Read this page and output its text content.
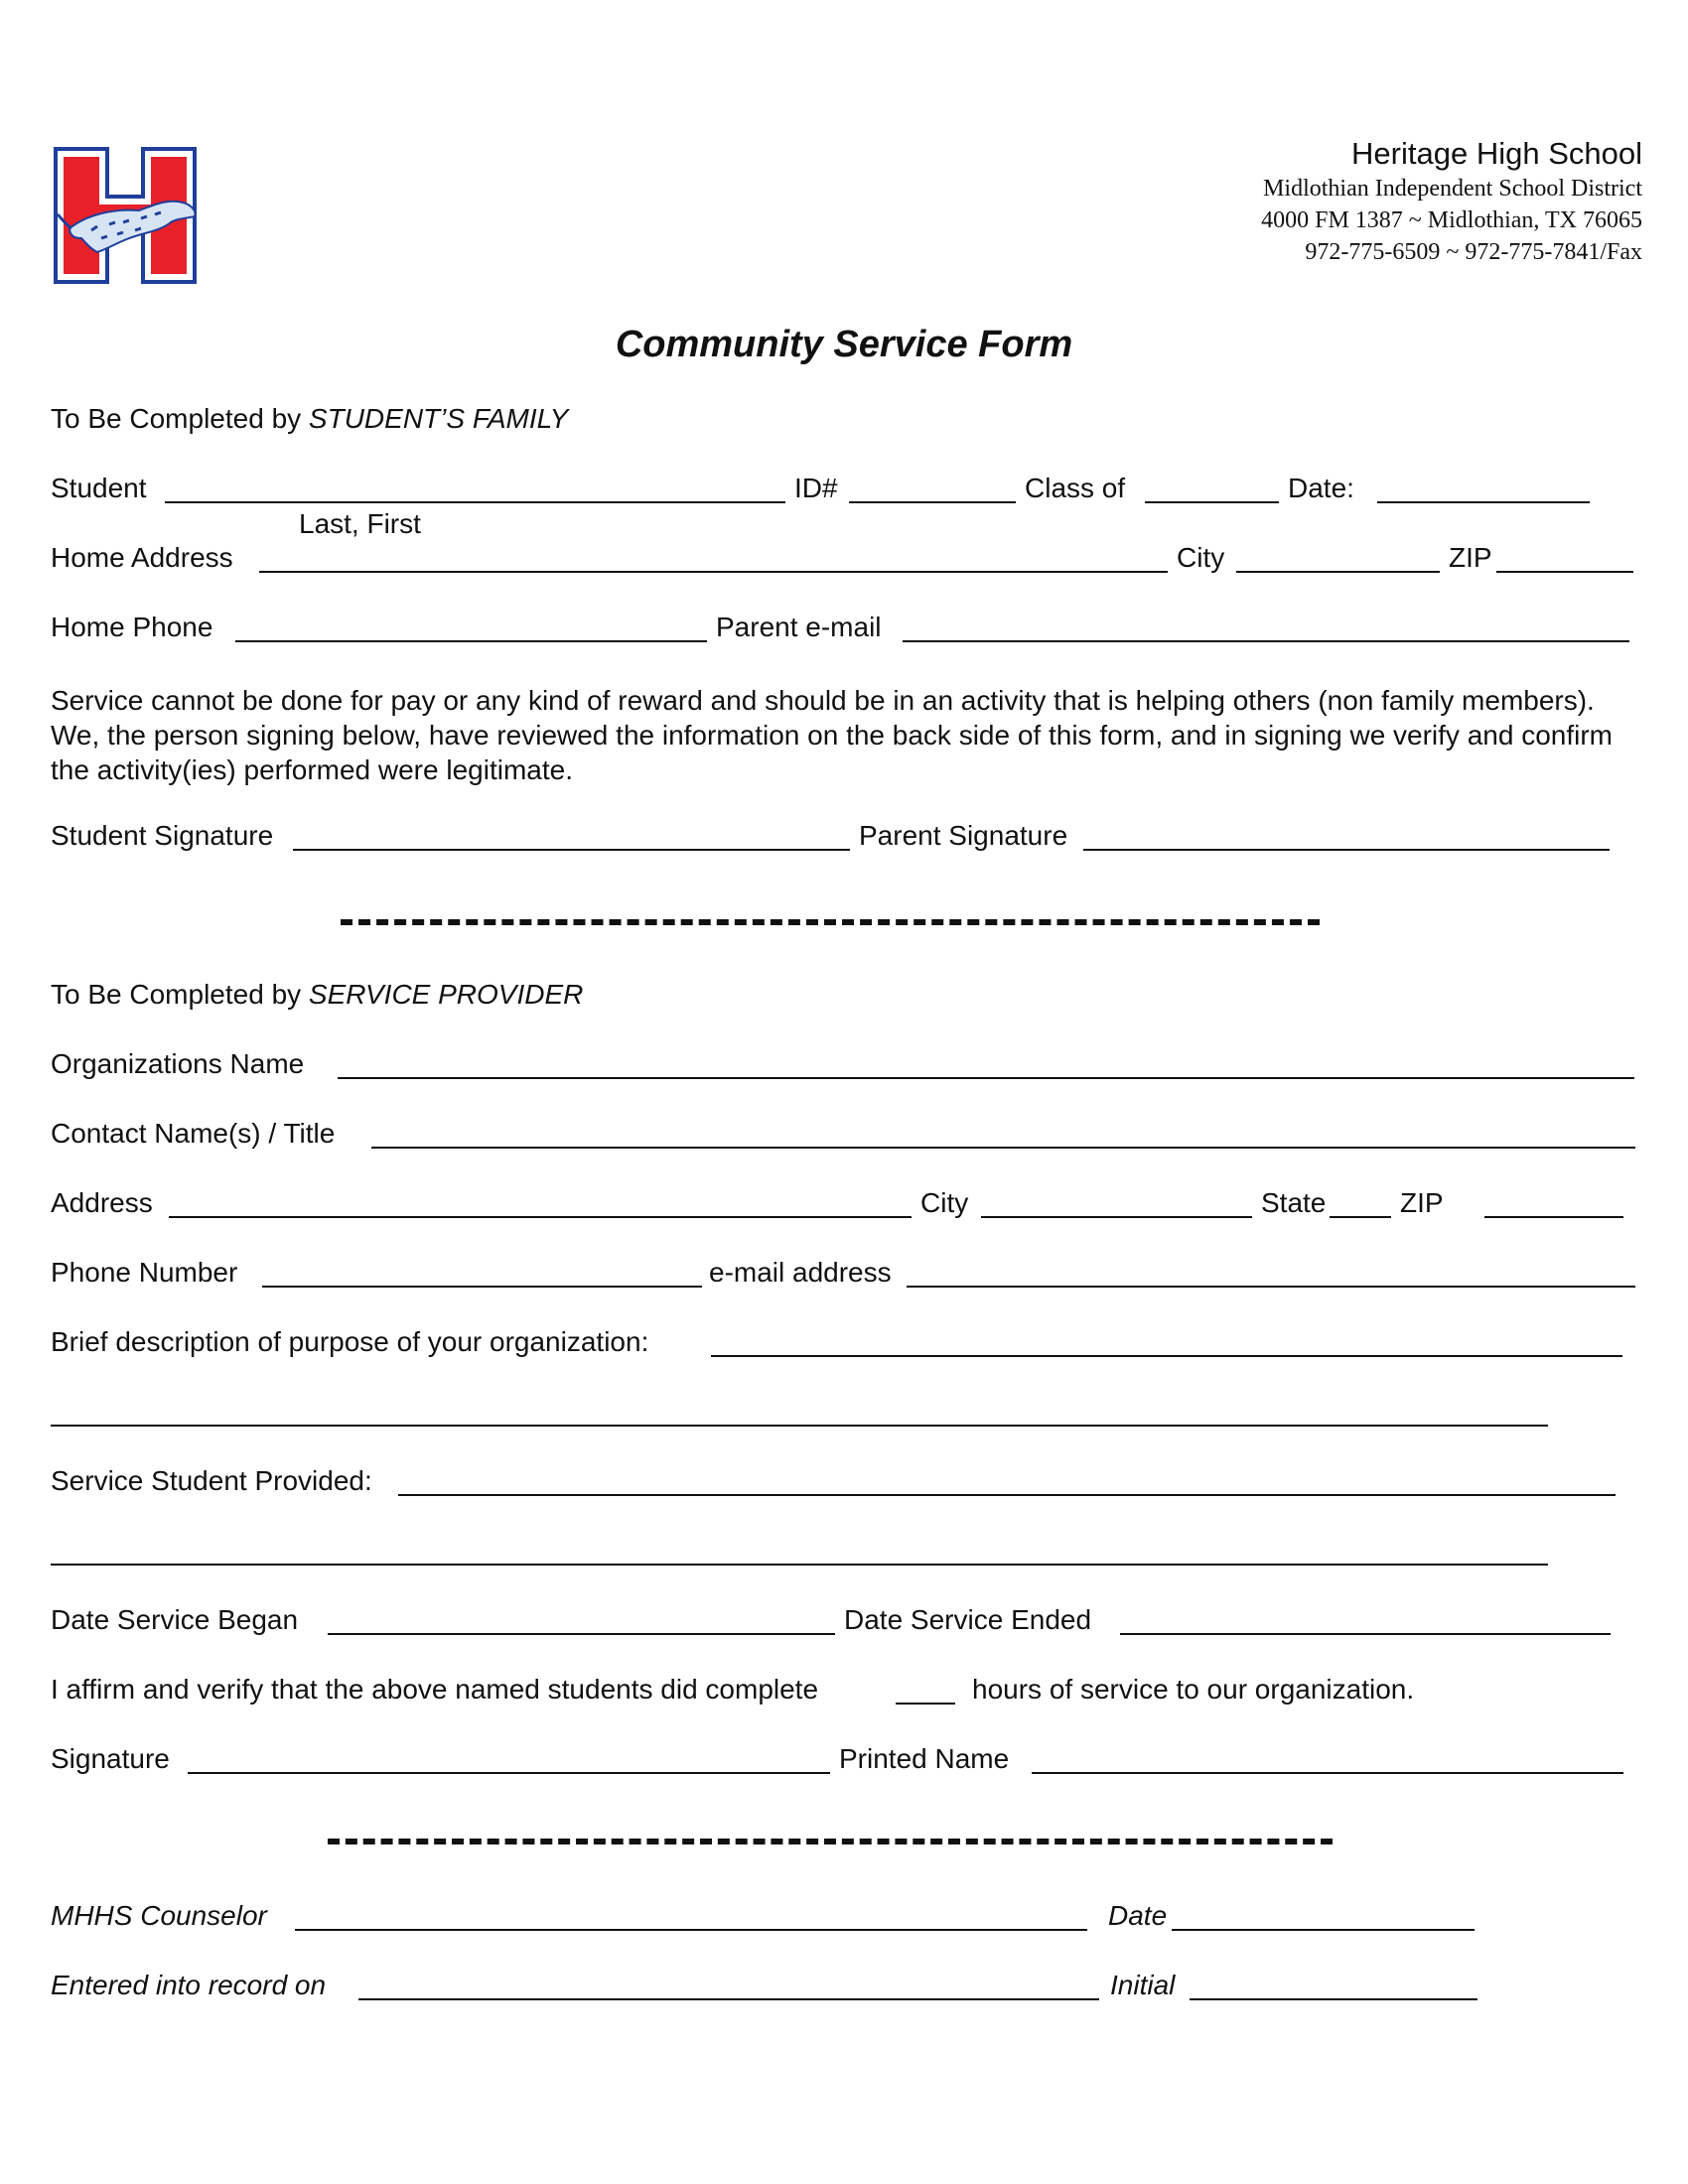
Heritage High School
Midlothian Independent School District
4000 FM 1387 ~ Midlothian, TX 76065
972-775-6509 ~ 972-775-7841/Fax
Community Service Form
To Be Completed by STUDENT’S FAMILY
Student	ID#	Class of	Date:
Last, First
Home Address	City	ZIP
Home Phone	Parent e-mail
Service cannot be done for pay or any kind of reward and should be in an activity that is helping others (non family members). We, the person signing below, have reviewed the information on the back side of this form, and in signing we verify and confirm the activity(ies) performed were legitimate.
Student Signature	Parent Signature
To Be Completed by SERVICE PROVIDER
Organizations Name
Contact Name(s) / Title
Address	City	State	ZIP
Phone Number	e-mail address
Brief description of purpose of your organization:
Service Student Provided:
Date Service Began	Date Service Ended
I affirm and verify that the above named students did complete	hours of service to our organization.
Signature	Printed Name
MHHS Counselor	Date
Entered into record on	Initial
